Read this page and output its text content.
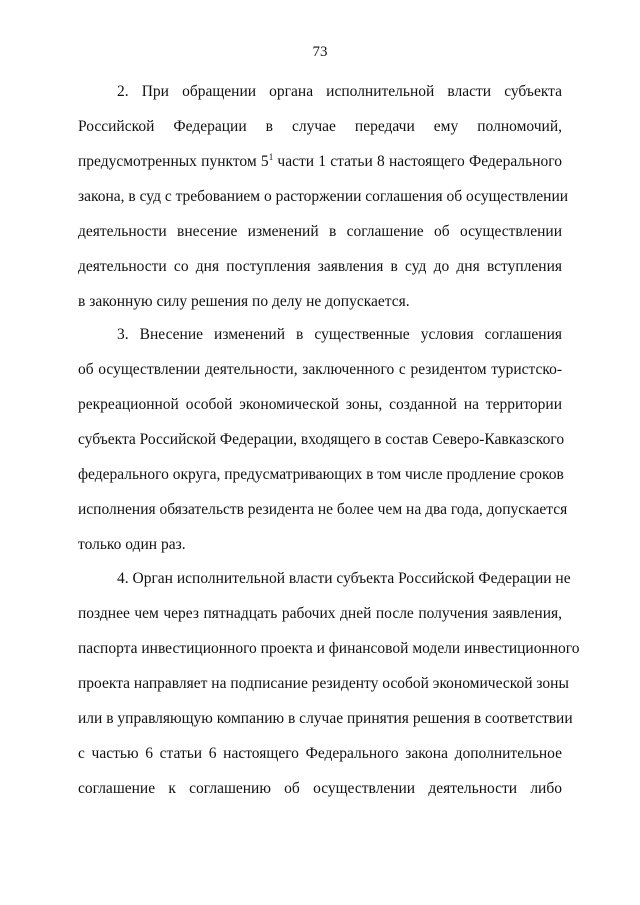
73
2. При обращении органа исполнительной власти субъекта
Российской Федерации в случае передачи ему полномочий,
предусмотренных пунктом $5^1$ части 1 статьи 8 настоящего Федерального
закона, в суд с требованием о расторжении соглашения об осуществлении
деятельности внесение изменений в соглашение об осуществлении
деятельности со дня поступления заявления в суд до дня вступления
в законную силу решения по делу не допускается.
3. Внесение изменений в существенные условия соглашения
об осуществлении деятельности, заключенного с резидентом туристско-
рекреационной особой экономической зоны, созданной на территории
субъекта Российской Федерации, входящего в состав Северо-Кавказского
федерального округа, предусматривающих в том числе продление сроков
исполнения обязательств резидента не более чем на два года, допускается
только один раз.
4. Орган исполнительной власти субъекта Российской Федерации не
позднее чем через пятнадцать рабочих дней после получения заявления,
паспорта инвестиционного проекта и финансовой модели инвестиционного
проекта направляет на подписание резиденту особой экономической зоны
или в управляющую компанию в случае принятия решения в соответствии
с частью 6 статьи 6 настоящего Федерального закона дополнительное
соглашение к соглашению об осуществлении деятельности либо
